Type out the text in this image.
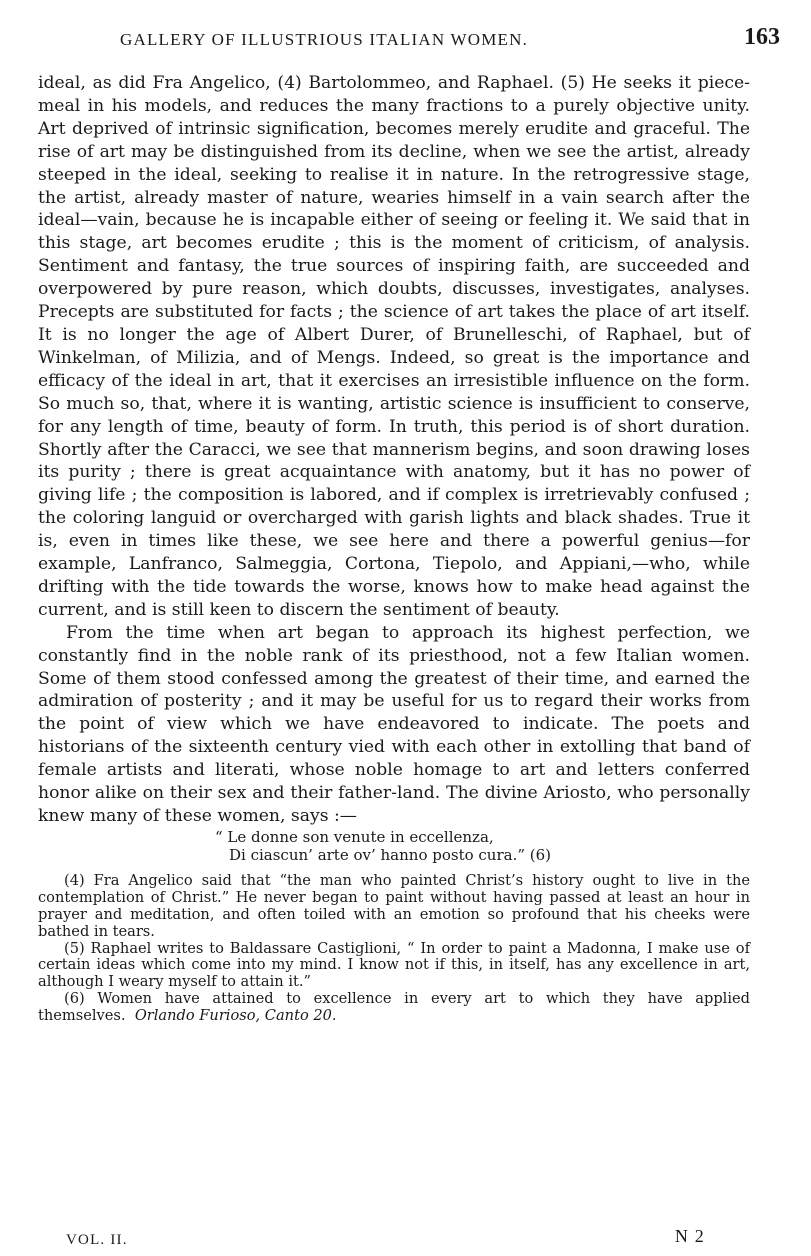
GALLERY OF ILLUSTRIOUS ITALIAN WOMEN.	163

ideal, as did Fra Angelico, (4) Bartolommeo, and Raphael. (5) He seeks it piece-meal in his models, and reduces the many fractions to a purely objective unity. Art deprived of intrinsic signification, becomes merely erudite and graceful. The rise of art may be distinguished from its decline, when we see the artist, already steeped in the ideal, seeking to realise it in nature. In the retrogressive stage, the artist, already master of nature, wearies himself in a vain search after the ideal—vain, because he is incapable either of seeing or feeling it. We said that in this stage, art becomes erudite ; this is the moment of criticism, of analysis. Sentiment and fantasy, the true sources of inspiring faith, are succeeded and overpowered by pure reason, which doubts, discusses, investigates, analyses. Precepts are substituted for facts ; the science of art takes the place of art itself. It is no longer the age of Albert Durer, of Brunelleschi, of Raphael, but of Winkelman, of Milizia, and of Mengs. Indeed, so great is the importance and efficacy of the ideal in art, that it exercises an irresistible influence on the form. So much so, that, where it is wanting, artistic science is insufficient to conserve, for any length of time, beauty of form. In truth, this period is of short duration. Shortly after the Caracci, we see that mannerism begins, and soon drawing loses its purity ; there is great acquaintance with anatomy, but it has no power of giving life ; the composition is labored, and if complex is irretrievably confused ; the coloring languid or overcharged with garish lights and black shades. True it is, even in times like these, we see here and there a powerful genius—for example, Lanfranco, Salmeggia, Cortona, Tiepolo, and Appiani,—who, while drifting with the tide towards the worse, knows how to make head against the current, and is still keen to discern the sentiment of beauty.

From the time when art began to approach its highest perfection, we constantly find in the noble rank of its priesthood, not a few Italian women. Some of them stood confessed among the greatest of their time, and earned the admiration of posterity ; and it may be useful for us to regard their works from the point of view which we have endeavored to indicate. The poets and historians of the sixteenth century vied with each other in extolling that band of female artists and literati, whose noble homage to art and letters conferred honor alike on their sex and their father-land. The divine Ariosto, who personally knew many of these women, says :—

“ Le donne son venute in eccellenza,
Di ciascun’ arte ov’ hanno posto cura.” (6)

(4) Fra Angelico said that “the man who painted Christ’s history ought to live in the contemplation of Christ.” He never began to paint without having passed at least an hour in prayer and meditation, and often toiled with an emotion so profound that his cheeks were bathed in tears.

(5) Raphael writes to Baldassare Castiglioni, “ In order to paint a Madonna, I make use of certain ideas which come into my mind. I know not if this, in itself, has any excellence in art, although I weary myself to attain it.”

(6) Women have attained to excellence in every art to which they have applied themselves. Orlando Furioso, Canto 20.

VOL. II.	N 2
